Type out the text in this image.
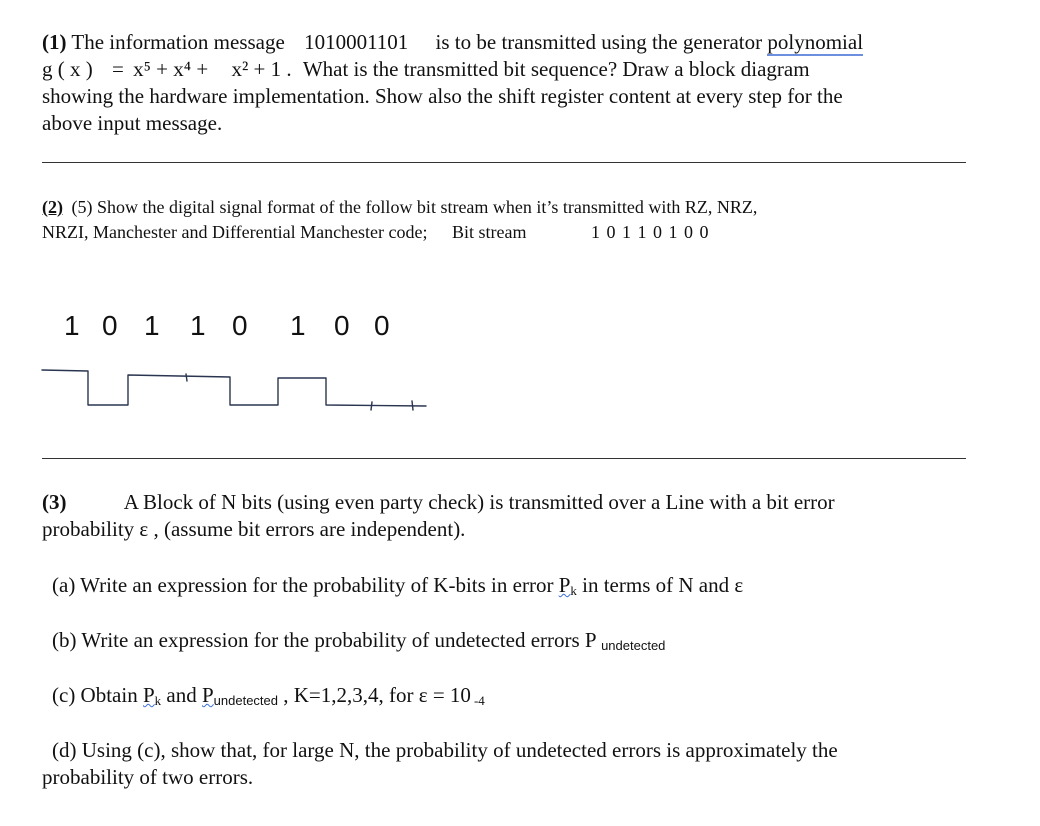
(1) The information message 1010001101 is to be transmitted using the generator polynomial
g ( x ) = x⁵ + x⁴ + x² + 1 . What is the transmitted bit sequence? Draw a block diagram
showing the hardware implementation. Show also the shift register content at every step for the
above input message.
(2) (5) Show the digital signal format of the follow bit stream when it’s transmitted with RZ, NRZ,
NRZI, Manchester and Differential Manchester code; Bit stream	1 0 1 1 0 1 0 0
1 0 1 1 0 1 0 0
(3)	A Block of N bits (using even party check) is transmitted over a Line with a bit error
probability ε , (assume bit errors are independent).
(a) Write an expression for the probability of K-bits in error $P_k$ in terms of N and ε
(b) Write an expression for the probability of undetected errors P $_{undetected}$
(c) Obtain $P_k$ and $P_{undetected}$ , K=1,2,3,4, for ε = 10 $_{-4}$
(d) Using (c), show that, for large N, the probability of undetected errors is approximately the
probability of two errors.
